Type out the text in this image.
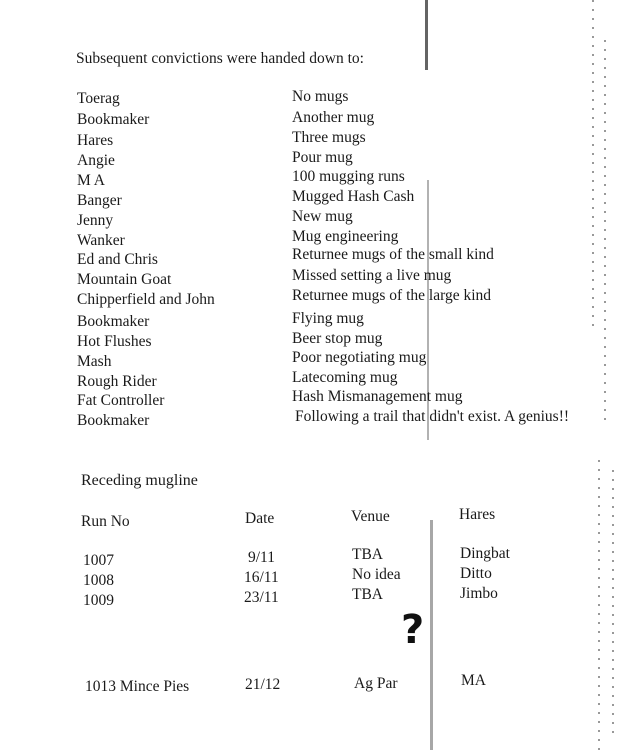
Subsequent convictions were handed down to:
Toerag	No mugs
Bookmaker	Another mug
Hares	Three mugs
Angie	Pour mug
M A	100 mugging runs
Banger	Mugged Hash Cash
Jenny	New mug
Wanker	Mug engineering
Ed and Chris	Returnee mugs of the small kind
Mountain Goat	Missed setting a live mug
Chipperfield and John	Returnee mugs of the large kind
Bookmaker	Flying mug
Hot Flushes	Beer stop mug
Mash	Poor negotiating mug
Rough Rider	Latecoming mug
Fat Controller	Hash Mismanagement mug
Bookmaker	Following a trail that didn't exist. A genius!!
Receding mugline
Run No	Date	Venue	Hares
1007	9/11	TBA	Dingbat
1008	16/11	No idea	Ditto
1009	23/11	TBA	Jimbo
?
1013 Mince Pies	21/12	Ag Par	MA
